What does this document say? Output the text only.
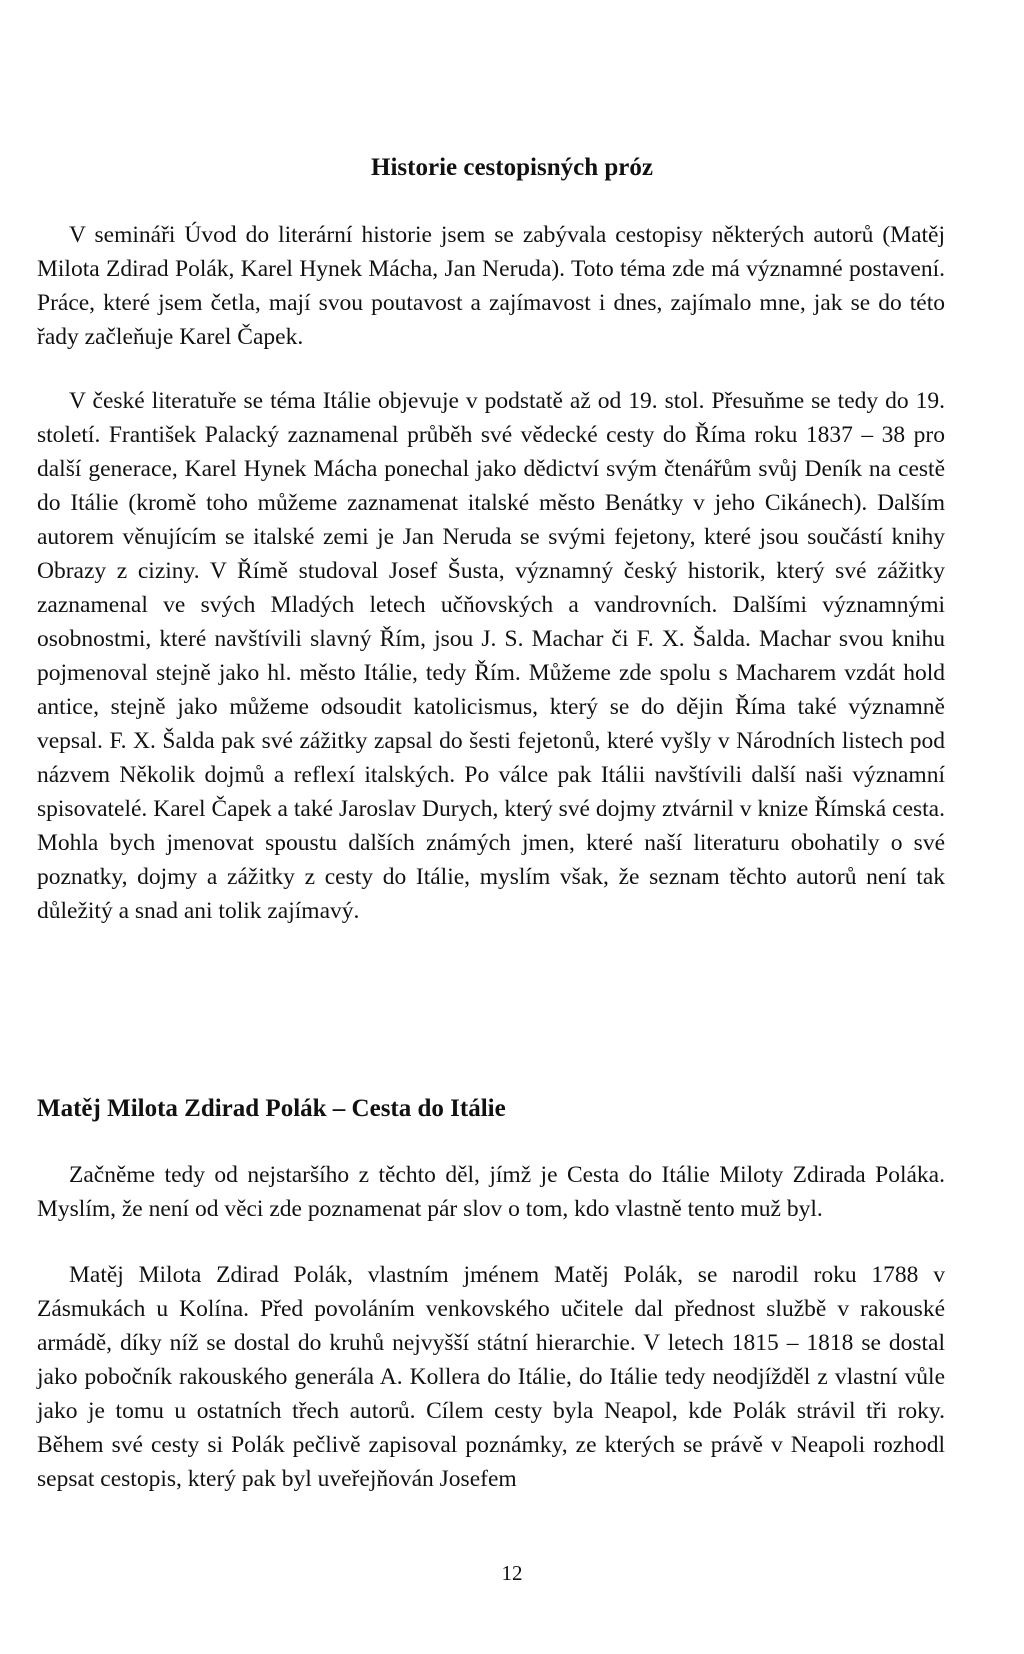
Historie cestopisných próz

V semináři Úvod do literární historie jsem se zabývala cestopisy některých autorů (Matěj Milota Zdirad Polák, Karel Hynek Mácha, Jan Neruda). Toto téma zde má významné postavení. Práce, které jsem četla, mají svou poutavost a zajímavost i dnes, zajímalo mne, jak se do této řady začleňuje Karel Čapek.

V české literatuře se téma Itálie objevuje v podstatě až od 19. stol. Přesuňme se tedy do 19. století. František Palacký zaznamenal průběh své vědecké cesty do Říma roku 1837 – 38 pro další generace, Karel Hynek Mácha ponechal jako dědictví svým čtenářům svůj Deník na cestě do Itálie (kromě toho můžeme zaznamenat italské město Benátky v jeho Cikánech). Dalším autorem věnujícím se italské zemi je Jan Neruda se svými fejetony, které jsou součástí knihy Obrazy z ciziny. V Římě studoval Josef Šusta, významný český historik, který své zážitky zaznamenal ve svých Mladých letech učňovských a vandrovních. Dalšími významnými osobnostmi, které navštívili slavný Řím, jsou J. S. Machar či F. X. Šalda. Machar svou knihu pojmenoval stejně jako hl. město Itálie, tedy Řím. Můžeme zde spolu s Macharem vzdát hold antice, stejně jako můžeme odsoudit katolicismus, který se do dějin Říma také významně vepsal. F. X. Šalda pak své zážitky zapsal do šesti fejetonů, které vyšly v Národních listech pod názvem Několik dojmů a reflexí italských. Po válce pak Itálii navštívili další naši významní spisovatelé. Karel Čapek a také Jaroslav Durych, který své dojmy ztvárnil v knize Římská cesta. Mohla bych jmenovat spoustu dalších známých jmen, které naší literaturu obohatily o své poznatky, dojmy a zážitky z cesty do Itálie, myslím však, že seznam těchto autorů není tak důležitý a snad ani tolik zajímavý.

Matěj Milota Zdirad Polák – Cesta do Itálie

Začněme tedy od nejstaršího z těchto děl, jímž je Cesta do Itálie Miloty Zdirada Poláka. Myslím, že není od věci zde poznamenat pár slov o tom, kdo vlastně tento muž byl.

Matěj Milota Zdirad Polák, vlastním jménem Matěj Polák, se narodil roku 1788 v Zásmukách u Kolína. Před povoláním venkovského učitele dal přednost službě v rakouské armádě, díky níž se dostal do kruhů nejvyšší státní hierarchie. V letech 1815 – 1818 se dostal jako pobočník rakouského generála A. Kollera do Itálie, do Itálie tedy neodjížděl z vlastní vůle jako je tomu u ostatních třech autorů. Cílem cesty byla Neapol, kde Polák strávil tři roky. Během své cesty si Polák pečlivě zapisoval poznámky, ze kterých se právě v Neapoli rozhodl sepsat cestopis, který pak byl uveřejňován Josefem

12
